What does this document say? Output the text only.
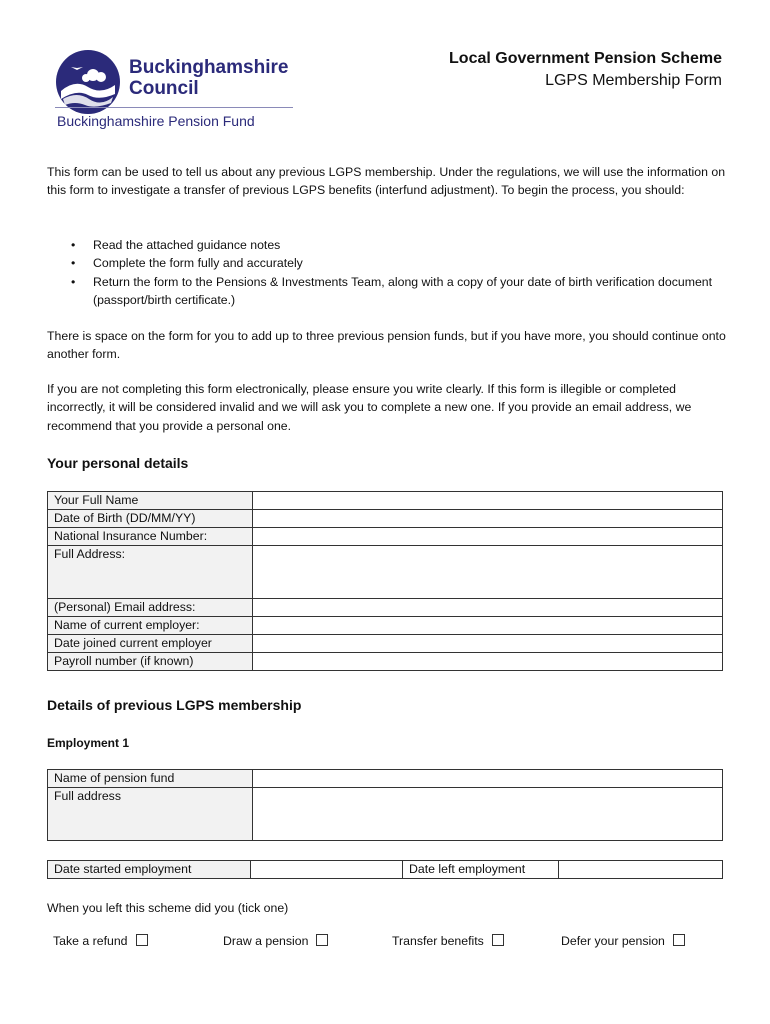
Buckinghamshire
Council
Buckinghamshire Pension Fund
Local Government Pension Scheme
LGPS Membership Form
This form can be used to tell us about any previous LGPS membership. Under the regulations, we will use the information on this form to investigate a transfer of previous LGPS benefits (interfund adjustment). To begin the process, you should:
• Read the attached guidance notes
• Complete the form fully and accurately
• Return the form to the Pensions & Investments Team, along with a copy of your date of birth verification document (passport/birth certificate.)
There is space on the form for you to add up to three previous pension funds, but if you have more, you should continue onto another form.
If you are not completing this form electronically, please ensure you write clearly. If this form is illegible or completed incorrectly, it will be considered invalid and we will ask you to complete a new one. If you provide an email address, we recommend that you provide a personal one.
Your personal details
Your Full Name	
Date of Birth (DD/MM/YY)	
National Insurance Number:	
Full Address:	
(Personal) Email address:	
Name of current employer:	
Date joined current employer	
Payroll number (if known)	
Details of previous LGPS membership
Employment 1
Name of pension fund	
Full address	
Date started employment		Date left employment	
When you left this scheme did you (tick one)
Take a refund	Draw a pension	Transfer benefits	Defer your pension
